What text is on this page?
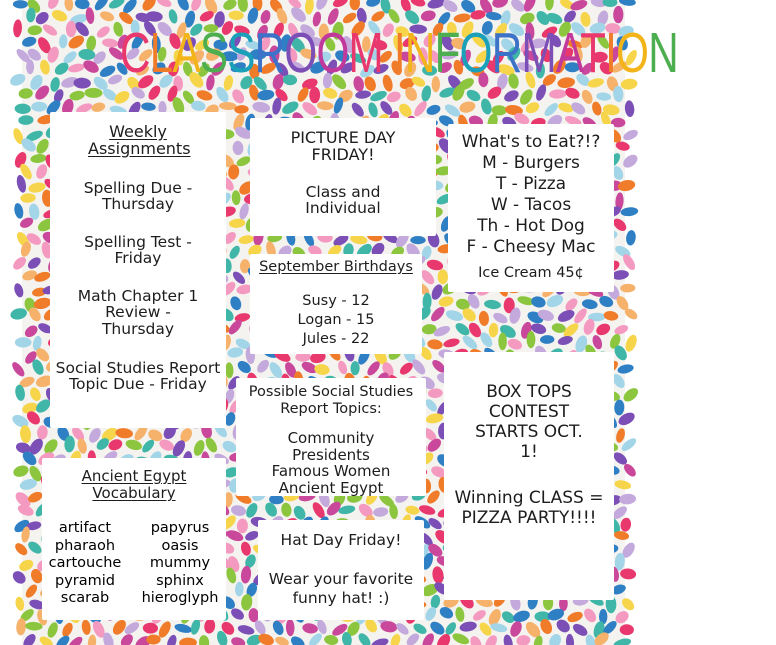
CLASSROOM INFORMATION
Weekly Assignments
Spelling Due - Thursday
Spelling Test - Friday
Math Chapter 1 Review - Thursday
Social Studies Report Topic Due - Friday
PICTURE DAY FRIDAY!
Class and Individual
What's to Eat?!?
M - Burgers
T - Pizza
W - Tacos
Th - Hot Dog
F - Cheesy Mac
Ice Cream 45¢
September Birthdays
Susy - 12
Logan - 15
Jules - 22
BOX TOPS CONTEST STARTS OCT. 1!
Winning CLASS = PIZZA PARTY!!!!
Possible Social Studies Report Topics:
Community
Presidents
Famous Women
Ancient Egypt
Ancient Egypt Vocabulary
artifact	papyrus
pharaoh	oasis
cartouche	mummy
pyramid	sphinx
scarab	hieroglyph
Hat Day Friday!
Wear your favorite funny hat! :)
